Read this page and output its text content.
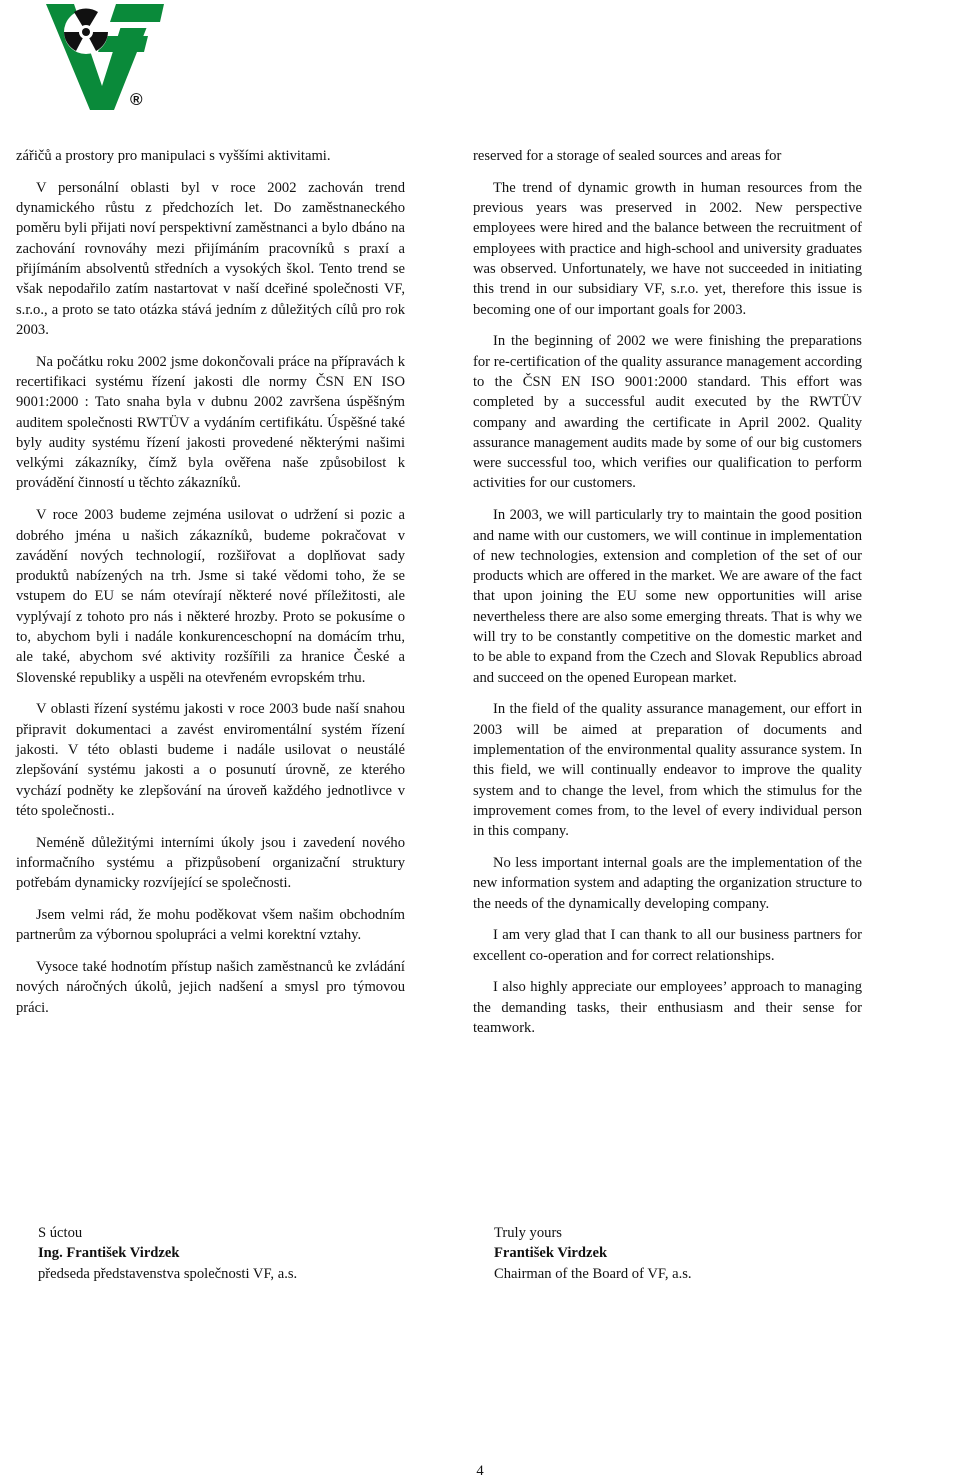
®

zářičů a prostory pro manipulaci s vyššími aktivitami.

V personální oblasti byl v roce 2002 zachován trend dynamického růstu z předchozích let. Do zaměstnaneckého poměru byli přijati noví perspektivní zaměstnanci a bylo dbáno na zachování rovnováhy mezi přijímáním pracovníků s praxí a přijímáním absolventů středních a vysokých škol. Tento trend se však nepodařilo zatím nastartovat v naší dceřiné společnosti VF, s.r.o., a proto se tato otázka stává jedním z důležitých cílů pro rok 2003.

Na počátku roku 2002 jsme dokončovali práce na přípravách k recertifikaci systému řízení jakosti dle normy ČSN EN ISO 9001:2000 : Tato snaha byla v dubnu 2002 završena úspěšným auditem společnosti RWTÜV a vydáním certifikátu. Úspěšné také byly audity systému řízení jakosti provedené některými našimi velkými zákazníky, čímž byla ověřena naše způsobilost k provádění činností u těchto zákazníků.

V roce 2003 budeme zejména usilovat o udržení si pozic a dobrého jména u našich zákazníků, budeme pokračovat v zavádění nových technologií, rozšiřovat a doplňovat sady produktů nabízených na trh. Jsme si také vědomi toho, že se vstupem do EU se nám otevírají některé nové příležitosti, ale vyplývají z tohoto pro nás i některé hrozby. Proto se pokusíme o to, abychom byli i nadále konkurenceschopní na domácím trhu, ale také, abychom své aktivity rozšířili za hranice České a Slovenské republiky a uspěli na otevřeném evropském trhu.

V oblasti řízení systému jakosti v roce 2003 bude naší snahou připravit dokumentaci a zavést enviromentální systém řízení jakosti. V této oblasti budeme i nadále usilovat o neustálé zlepšování systému jakosti a o posunutí úrovně, ze kterého vychází podněty ke zlepšování na úroveň každého jednotlivce v této společnosti..

Neméně důležitými interními úkoly jsou i zavedení nového informačního systému a přizpůsobení organizační struktury potřebám dynamicky rozvíjející se společnosti.

Jsem velmi rád, že mohu poděkovat všem našim obchodním partnerům za výbornou spolupráci a velmi korektní vztahy.

Vysoce také hodnotím přístup našich zaměstnanců ke zvládání nových náročných úkolů, jejich nadšení a smysl pro týmovou práci.

reserved for a storage of sealed sources and areas for

The trend of dynamic growth in human resources from the previous years was preserved in 2002. New perspective employees were hired and the balance between the recruitment of employees with practice and high-school and university graduates was observed. Unfortunately, we have not succeeded in initiating this trend in our subsidiary VF, s.r.o. yet, therefore this issue is becoming one of our important goals for 2003.

In the beginning of 2002 we were finishing the preparations for re-certification of the quality assurance management according to the ČSN EN ISO 9001:2000 standard. This effort was completed by a successful audit executed by the RWTÜV company and awarding the certificate in April 2002. Quality assurance management audits made by some of our big customers were successful too, which verifies our qualification to perform activities for our customers.

In 2003, we will particularly try to maintain the good position and name with our customers, we will continue in implementation of new technologies, extension and completion of the set of our products which are offered in the market. We are aware of the fact that upon joining the EU some new opportunities will arise nevertheless there are also some emerging threats. That is why we will try to be constantly competitive on the domestic market and to be able to expand from the Czech and Slovak Republics abroad and succeed on the opened European market.

In the field of the quality assurance management, our effort in 2003 will be aimed at preparation of documents and implementation of the environmental quality assurance system. In this field, we will continually endeavor to improve the quality system and to change the level, from which the stimulus for the improvement comes from, to the level of every individual person in this company.

No less important internal goals are the implementation of the new information system and adapting the organization structure to the needs of the dynamically developing company.

I am very glad that I can thank to all our business partners for excellent co-operation and for correct relationships.

I also highly appreciate our employees’ approach to managing the demanding tasks, their enthusiasm and their sense for teamwork.

S úctou
Ing. František Virdzek
předseda představenstva společnosti VF, a.s.
Truly yours
František Virdzek
Chairman of the Board of VF, a.s.
4
